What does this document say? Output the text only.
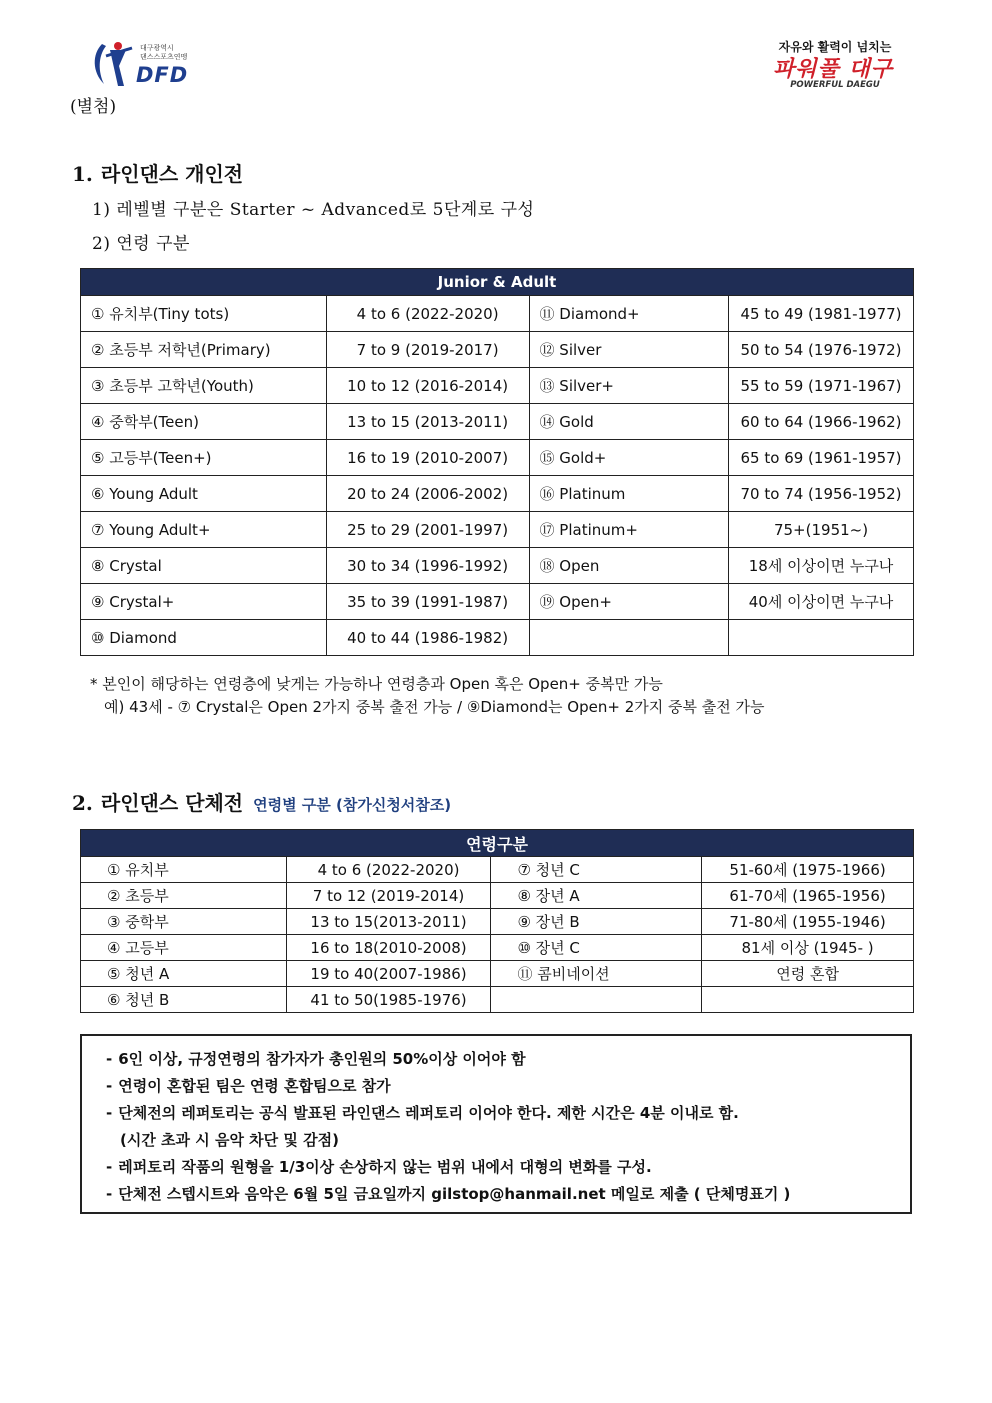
대구광역시
댄스스포츠연맹
DFD
(별첨)
자유와 활력이 넘치는
파워풀 대구
POWERFUL DAEGU
1. 라인댄스 개인전
1) 레벨별 구분은 Starter ~ Advanced로 5단계로 구성
2) 연령 구분
Junior & Adult			
① 유치부(Tiny tots)	4 to 6 (2022-2020)	⑪ Diamond+	45 to 49 (1981-1977)
② 초등부 저학년(Primary)	7 to 9 (2019-2017)	⑫ Silver	50 to 54 (1976-1972)
③ 초등부 고학년(Youth)	10 to 12 (2016-2014)	⑬ Silver+	55 to 59 (1971-1967)
④ 중학부(Teen)	13 to 15 (2013-2011)	⑭ Gold	60 to 64 (1966-1962)
⑤ 고등부(Teen+)	16 to 19 (2010-2007)	⑮ Gold+	65 to 69 (1961-1957)
⑥ Young Adult	20 to 24 (2006-2002)	⑯ Platinum	70 to 74 (1956-1952)
⑦ Young Adult+	25 to 29 (2001-1997)	⑰ Platinum+	75+(1951~)
⑧ Crystal	30 to 34 (1996-1992)	⑱ Open	18세 이상이면 누구나
⑨ Crystal+	35 to 39 (1991-1987)	⑲ Open+	40세 이상이면 누구나
⑩ Diamond	40 to 44 (1986-1982)		
* 본인이 해당하는 연령층에 낮게는 가능하나 연령층과 Open 혹은 Open+ 중복만 가능
예) 43세 - ⑦ Crystal은 Open 2가지 중복 출전 가능 / ⑨Diamond는 Open+ 2가지 중복 출전 가능
2. 라인댄스 단체전 연령별 구분 (참가신청서참조)
연령구분			
① 유치부	4 to 6 (2022-2020)	⑦ 청년 C	51-60세 (1975-1966)
② 초등부	7 to 12 (2019-2014)	⑧ 장년 A	61-70세 (1965-1956)
③ 중학부	13 to 15(2013-2011)	⑨ 장년 B	71-80세 (1955-1946)
④ 고등부	16 to 18(2010-2008)	⑩ 장년 C	81세 이상 (1945- )
⑤ 청년 A	19 to 40(2007-1986)	⑪ 콤비네이션	연령 혼합
⑥ 청년 B	41 to 50(1985-1976)		
- 6인 이상, 규정연령의 참가자가 총인원의 50%이상 이어야 함
- 연령이 혼합된 팀은 연령 혼합팀으로 참가
- 단체전의 레퍼토리는 공식 발표된 라인댄스 레퍼토리 이어야 한다. 제한 시간은 4분 이내로 함.
(시간 초과 시 음악 차단 및 감점)
- 레퍼토리 작품의 원형을 1/3이상 손상하지 않는 범위 내에서 대형의 변화를 구성.
- 단체전 스텝시트와 음악은 6월 5일 금요일까지 gilstop@hanmail.net 메일로 제출 ( 단체명표기 )
